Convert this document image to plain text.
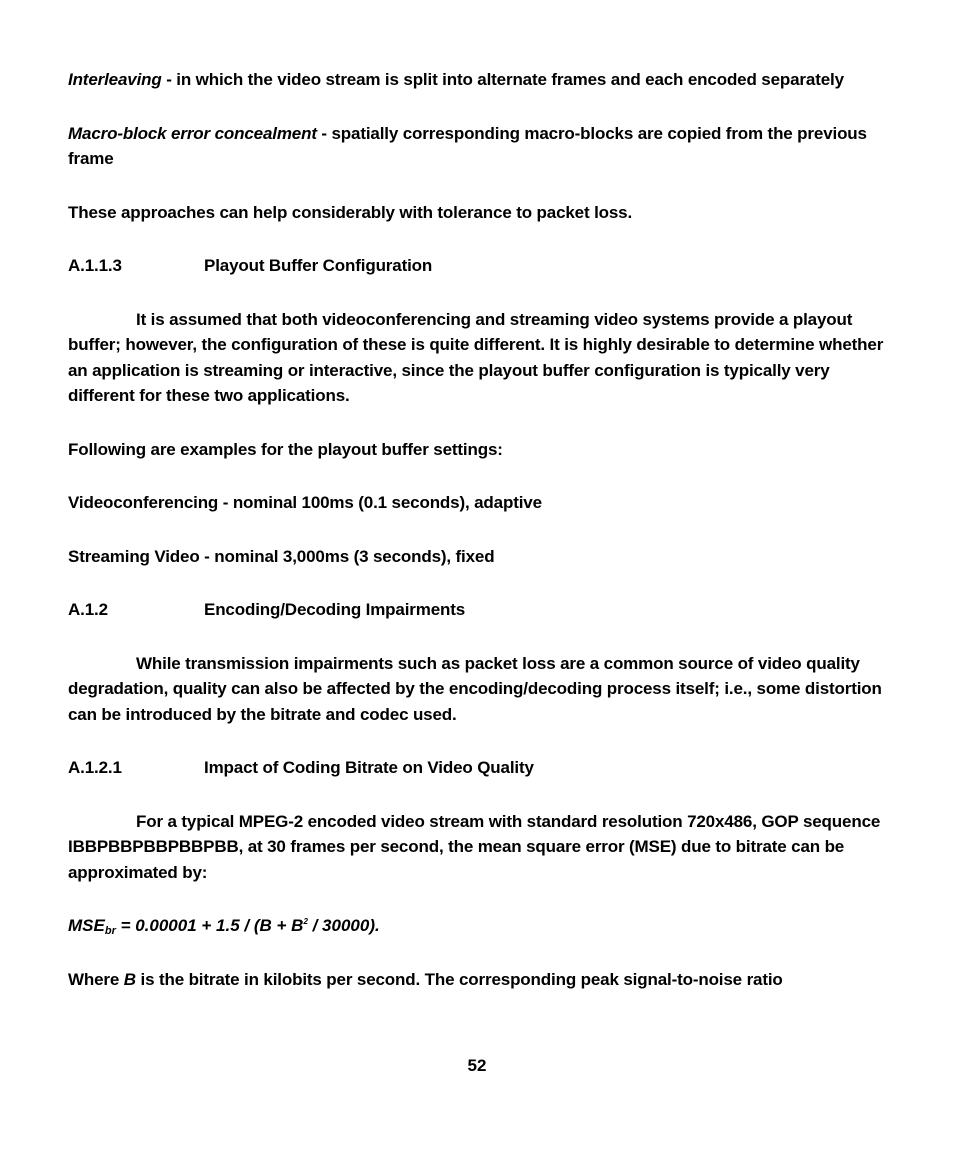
Interleaving - in which the video stream is split into alternate frames and each encoded separately

Macro-block error concealment - spatially corresponding macro-blocks are copied from the previous frame

These approaches can help considerably with tolerance to packet loss.

A.1.1.3	Playout Buffer Configuration

It is assumed that both videoconferencing and streaming video systems provide a playout buffer; however, the configuration of these is quite different. It is highly desirable to determine whether an application is streaming or interactive, since the playout buffer configuration is typically very different for these two applications.

Following are examples for the playout buffer settings:

Videoconferencing - nominal 100ms (0.1 seconds), adaptive

Streaming Video - nominal 3,000ms (3 seconds), fixed

A.1.2	Encoding/Decoding Impairments

While transmission impairments such as packet loss are a common source of video quality degradation, quality can also be affected by the encoding/decoding process itself; i.e., some distortion can be introduced by the bitrate and codec used.

A.1.2.1	Impact of Coding Bitrate on Video Quality

For a typical MPEG-2 encoded video stream with standard resolution 720x486, GOP sequence IBBPBBPBBPBBPBB, at 30 frames per second, the mean square error (MSE) due to bitrate can be approximated by:

$MSE_{br} = 0.00001 + 1.5 / (B + B^2 / 30000)$.

Where B is the bitrate in kilobits per second. The corresponding peak signal-to-noise ratio

52
